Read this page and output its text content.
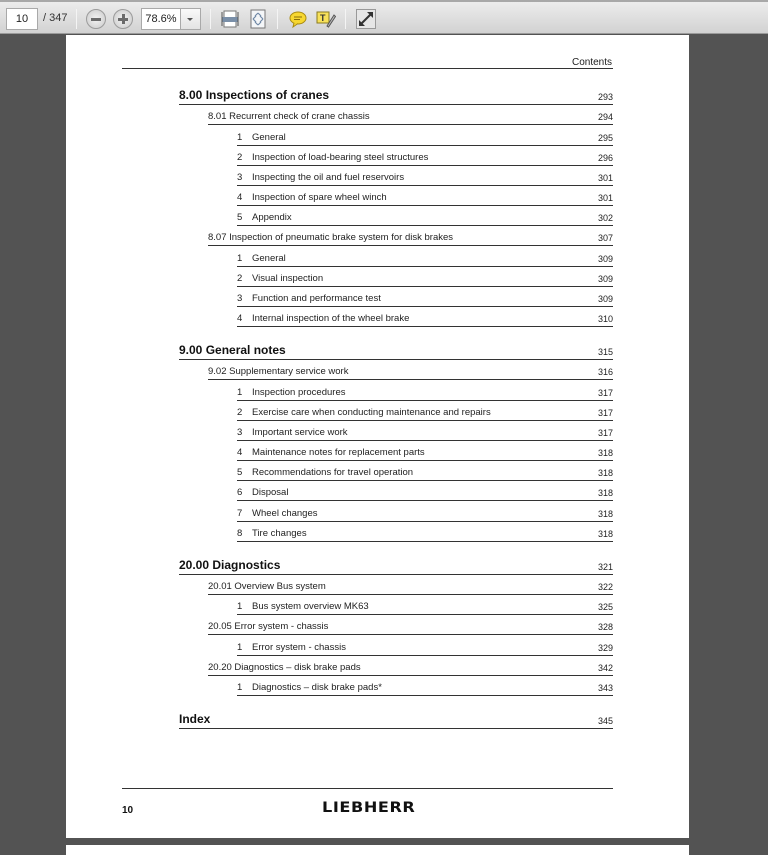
10	/ 347	78.6%	T
Contents
8.00 Inspections of cranes	293
8.01 Recurrent check of crane chassis	294
1 General	295
2 Inspection of load-bearing steel structures	296
3 Inspecting the oil and fuel reservoirs	301
4 Inspection of spare wheel winch	301
5 Appendix	302
8.07 Inspection of pneumatic brake system for disk brakes	307
1 General	309
2 Visual inspection	309
3 Function and performance test	309
4 Internal inspection of the wheel brake	310
9.00 General notes	315
9.02 Supplementary service work	316
1 Inspection procedures	317
2 Exercise care when conducting maintenance and repairs	317
3 Important service work	317
4 Maintenance notes for replacement parts	318
5 Recommendations for travel operation	318
6 Disposal	318
7 Wheel changes	318
8 Tire changes	318
20.00 Diagnostics	321
20.01 Overview Bus system	322
1 Bus system overview MK63	325
20.05 Error system - chassis	328
1 Error system - chassis	329
20.20 Diagnostics – disk brake pads	342
1 Diagnostics – disk brake pads*	343
Index	345
10	LIEBHERR
